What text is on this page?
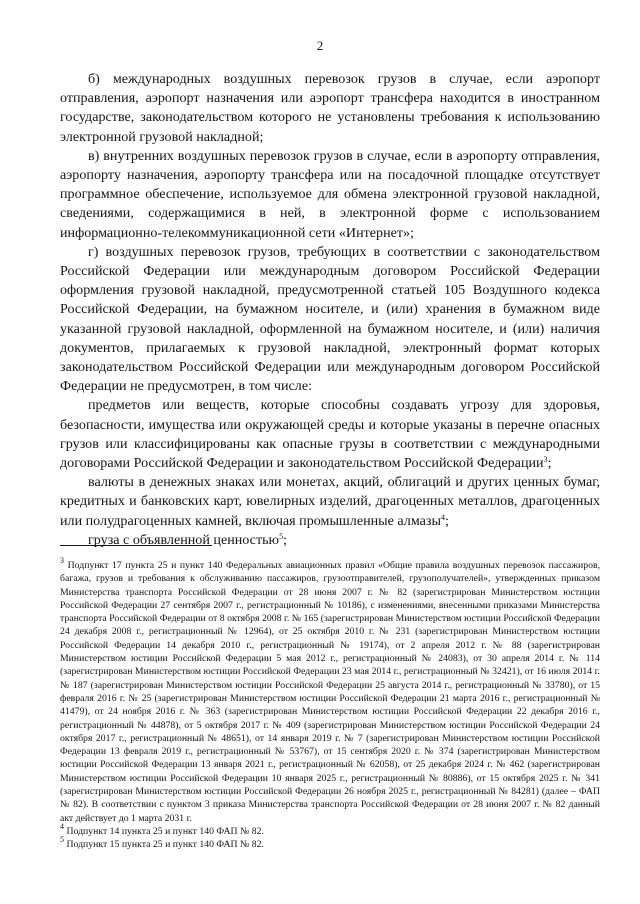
2

б) международных воздушных перевозок грузов в случае, если аэропорт отправления, аэропорт назначения или аэропорт трансфера находится в иностранном государстве, законодательством которого не установлены требования к использованию электронной грузовой накладной;

в) внутренних воздушных перевозок грузов в случае, если в аэропорту отправления, аэропорту назначения, аэропорту трансфера или на посадочной площадке отсутствует программное обеспечение, используемое для обмена электронной грузовой накладной, сведениями, содержащимися в ней, в электронной форме с использованием информационно-телекоммуникационной сети «Интернет»;

г) воздушных перевозок грузов, требующих в соответствии с законодательством Российской Федерации или международным договором Российской Федерации оформления грузовой накладной, предусмотренной статьей 105 Воздушного кодекса Российской Федерации, на бумажном носителе, и (или) хранения в бумажном виде указанной грузовой накладной, оформленной на бумажном носителе, и (или) наличия документов, прилагаемых к грузовой накладной, электронный формат которых законодательством Российской Федерации или международным договором Российской Федерации не предусмотрен, в том числе:

предметов или веществ, которые способны создавать угрозу для здоровья, безопасности, имущества или окружающей среды и которые указаны в перечне опасных грузов или классифицированы как опасные грузы в соответствии с международными договорами Российской Федерации и законодательством Российской Федерации$^3$;

валюты в денежных знаках или монетах, акций, облигаций и других ценных бумаг, кредитных и банковских карт, ювелирных изделий, драгоценных металлов, драгоценных или полудрагоценных камней, включая промышленные алмазы$^4$;

груза с объявленной ценностью$^5$;

$^3$ Подпункт 17 пункта 25 и пункт 140 Федеральных авиационных правил «Общие правила воздушных перевозок пассажиров, багажа, грузов и требования к обслуживанию пассажиров, грузоотправителей, грузополучателей», утвержденных приказом Министерства транспорта Российской Федерации от 28 июня 2007 г. № 82 (зарегистрирован Министерством юстиции Российской Федерации 27 сентября 2007 г., регистрационный № 10186), с изменениями, внесенными приказами Министерства транспорта Российской Федерации от 8 октября 2008 г. № 165 (зарегистрирован Министерством юстиции Российской Федерации 24 декабря 2008 г., регистрационный № 12964), от 25 октября 2010 г. № 231 (зарегистрирован Министерством юстиции Российской Федерации 14 декабря 2010 г., регистрационный № 19174), от 2 апреля 2012 г. № 88 (зарегистрирован Министерством юстиции Российской Федерации 5 мая 2012 г., регистрационный № 24083), от 30 апреля 2014 г. № 114 (зарегистрирован Министерством юстиции Российской Федерации 23 мая 2014 г., регистрационный № 32421), от 16 июля 2014 г. № 187 (зарегистрирован Министерством юстиции Российской Федерации 25 августа 2014 г., регистрационный № 33780), от 15 февраля 2016 г. № 25 (зарегистрирован Министерством юстиции Российской Федерации 21 марта 2016 г., регистрационный № 41479), от 24 ноября 2016 г. № 363 (зарегистрирован Министерством юстиции Российской Федерации 22 декабря 2016 г., регистрационный № 44878), от 5 октября 2017 г. № 409 (зарегистрирован Министерством юстиции Российской Федерации 24 октября 2017 г., регистрационный № 48651), от 14 января 2019 г. № 7 (зарегистрирован Министерством юстиции Российской Федерации 13 февраля 2019 г., регистрационный № 53767), от 15 сентября 2020 г. № 374 (зарегистрирован Министерством юстиции Российской Федерации 13 января 2021 г., регистрационный № 62058), от 25 декабря 2024 г. № 462 (зарегистрирован Министерством юстиции Российской Федерации 10 января 2025 г., регистрационный № 80886), от 15 октября 2025 г. № 341 (зарегистрирован Министерством юстиции Российской Федерации 26 ноября 2025 г., регистрационный № 84281) (далее – ФАП № 82). В соответствии с пунктом 3 приказа Министерства транспорта Российской Федерации от 28 июня 2007 г. № 82 данный акт действует до 1 марта 2031 г.

$^4$ Подпункт 14 пункта 25 и пункт 140 ФАП № 82.

$^5$ Подпункт 15 пункта 25 и пункт 140 ФАП № 82.
